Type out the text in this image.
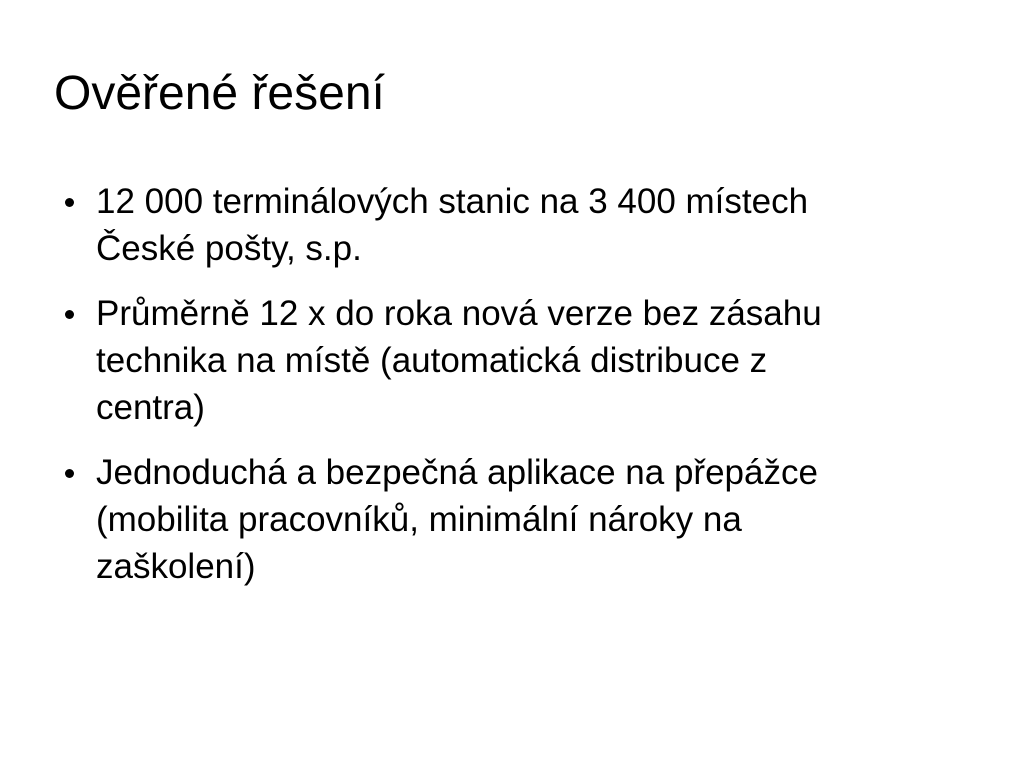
Ověřené řešení
12 000 terminálových stanic na 3 400 místech
České pošty, s.p.
Průměrně 12 x do roka nová verze bez zásahu
technika na místě (automatická distribuce z
centra)
Jednoduchá a bezpečná aplikace na přepážce
(mobilita pracovníků, minimální nároky na
zaškolení)
